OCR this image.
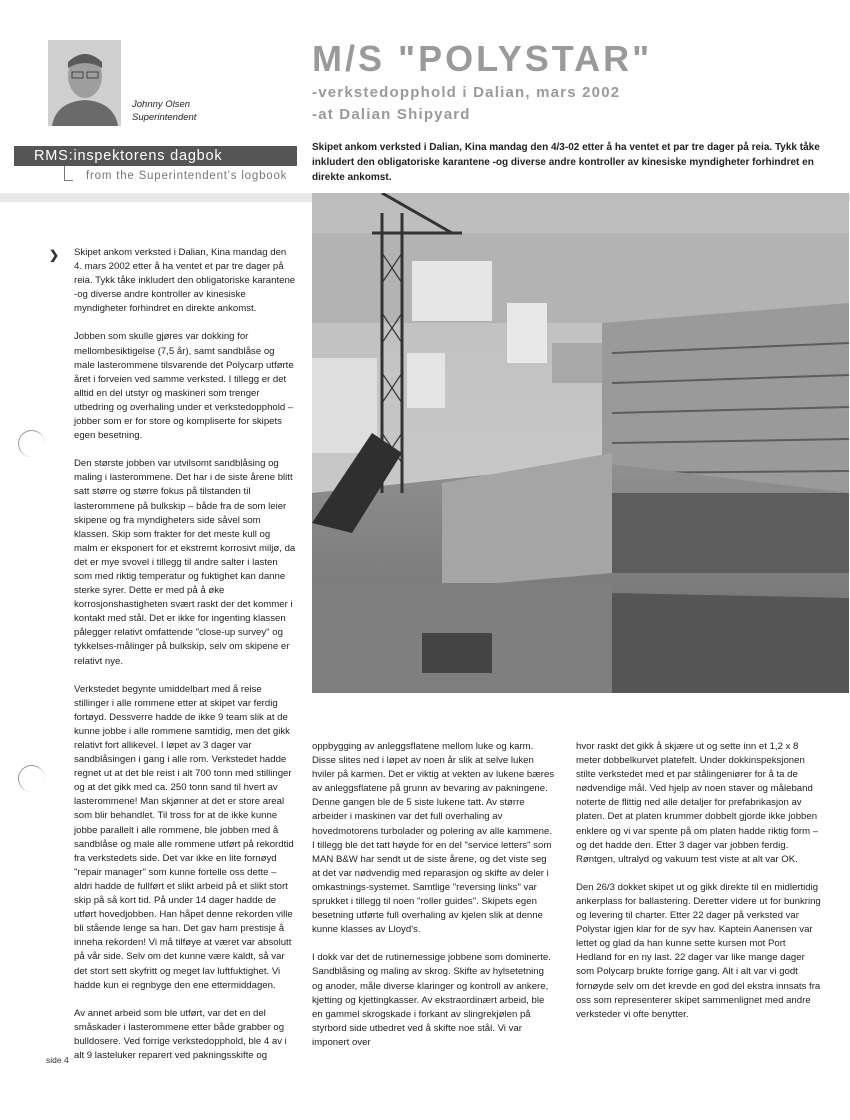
Johnny Olsen
Superintendent
M/S "POLYSTAR"
-verkstedopphold i Dalian, mars 2002
-at Dalian Shipyard
RMS:inspektorens dagbok
from the Superintendent's logbook
Skipet ankom verksted i Dalian, Kina mandag den 4/3-02 etter å ha ventet et par tre dager på reia. Tykk tåke inkludert den obligatoriske karantene -og diverse andre kontroller av kinesiske myndigheter forhindret en direkte ankomst.
❯ Skipet ankom verksted i Dalian, Kina mandag den 4. mars 2002 etter å ha ventet et par tre dager på reia. Tykk tåke inkludert den obligatoriske karantene -og diverse andre kontroller av kinesiske myndigheter forhindret en direkte ankomst.

Jobben som skulle gjøres var dokking for mellombesiktigelse (7,5 år), samt sandblåse og male lasterommene tilsvarende det Polycarp utførte året i forveien ved samme verksted. I tillegg er det alltid en del utstyr og maskineri som trenger utbedring og overhaling under et verkstedopphold – jobber som er for store og kompliserte for skipets egen besetning.

Den største jobben var utvilsomt sandblåsing og maling i lasterommene. Det har i de siste årene blitt satt større og større fokus på tilstanden til lasterommene på bulkskip – både fra de som leier skipene og fra myndigheters side såvel som klassen. Skip som frakter for det meste kull og malm er eksponert for et ekstremt korrosivt miljø, da det er mye svovel i tillegg til andre salter i lasten som med riktig temperatur og fuktighet kan danne sterke syrer. Dette er med på å øke korrosjonshastigheten svært raskt der det kommer i kontakt med stål. Det er ikke for ingenting klassen pålegger relativt omfattende "close-up survey" og tykkelses-målinger på bulkskip, selv om skipene er relativt nye.

Verkstedet begynte umiddelbart med å reise stillinger i alle rommene etter at skipet var ferdig fortøyd. Dessverre hadde de ikke 9 team slik at de kunne jobbe i alle rommene samtidig, men det gikk relativt fort allikevel. I løpet av 3 dager var sandblåsingen i gang i alle rom. Verkstedet hadde regnet ut at det ble reist i alt 700 tonn med stillinger og at det gikk med ca. 250 tonn sand til hvert av lasterommene! Man skjønner at det er store areal som blir behandlet. Til tross for at de ikke kunne jobbe parallelt i alle rommene, ble jobben med å sandblåse og male alle rommene utført på rekordtid fra verkstedets side. Det var ikke en lite fornøyd "repair manager" som kunne fortelle oss dette – aldri hadde de fullført et slikt arbeid på et slikt stort skip på så kort tid. På under 14 dager hadde de utført hovedjobben. Han håpet denne rekorden ville bli stående lenge sa han. Det gav ham prestisje å inneha rekorden! Vi må tilføye at været var absolutt på vår side. Selv om det kunne være kaldt, så var det stort sett skyfritt og meget lav luftfuktighet. Vi hadde kun ei regnbyge den ene ettermiddagen.

Av annet arbeid som ble utført, var det en del småskader i lasterommene etter både grabber og bulldosere. Ved forrige verkstedopphold, ble 4 av i alt 9 lasteluker reparert ved pakningsskifte og

oppbygging av anleggsflatene mellom luke og karm. Disse slites ned i løpet av noen år slik at selve luken hviler på karmen. Det er viktig at vekten av lukene bæres av anleggsflatene på grunn av bevaring av pakningene. Denne gangen ble de 5 siste lukene tatt. Av større arbeider i maskinen var det full overhaling av hovedmotorens turbolader og polering av alle kammene. I tillegg ble det tatt høyde for en del "service letters" som MAN B&W har sendt ut de siste årene, og det viste seg at det var nødvendig med reparasjon og skifte av deler i omkastnings-systemet. Samtlige "reversing links" var sprukket i tillegg til noen "roller guides". Skipets egen besetning utførte full overhaling av kjelen slik at denne kunne klasses av Lloyd's.

I dokk var det de rutinemessige jobbene som dominerte. Sandblåsing og maling av skrog. Skifte av hylsetetning og anoder, måle diverse klaringer og kontroll av ankere, kjetting og kjettingkasser. Av ekstraordinært arbeid, ble en gammel skrogskade i forkant av slingrekjølen på styrbord side utbedret ved å skifte noe stål. Vi var imponert over

hvor raskt det gikk å skjære ut og sette inn et 1,2 x 8 meter dobbelkurvet platefelt. Under dokkinspeksjonen stilte verkstedet med et par stålingeniører for å ta de nødvendige mål. Ved hjelp av noen staver og måleband noterte de flittig ned alle detaljer for prefabrikasjon av platen. Det at platen krummer dobbelt gjorde ikke jobben enklere og vi var spente på om platen hadde riktig form – og det hadde den. Etter 3 dager var jobben ferdig. Røntgen, ultralyd og vakuum test viste at alt var OK.

Den 26/3 dokket skipet ut og gikk direkte til en midlertidig ankerplass for ballastering. Deretter videre ut for bunkring og levering til charter. Etter 22 dager på verksted var Polystar igjen klar for de syv hav. Kaptein Aanensen var lettet og glad da han kunne sette kursen mot Port Hedland for en ny last. 22 dager var like mange dager som Polycarp brukte forrige gang. Alt i alt var vi godt fornøyde selv om det krevde en god del ekstra innsats fra oss som representerer skipet sammenlignet med andre verksteder vi ofte benytter.

side 4
